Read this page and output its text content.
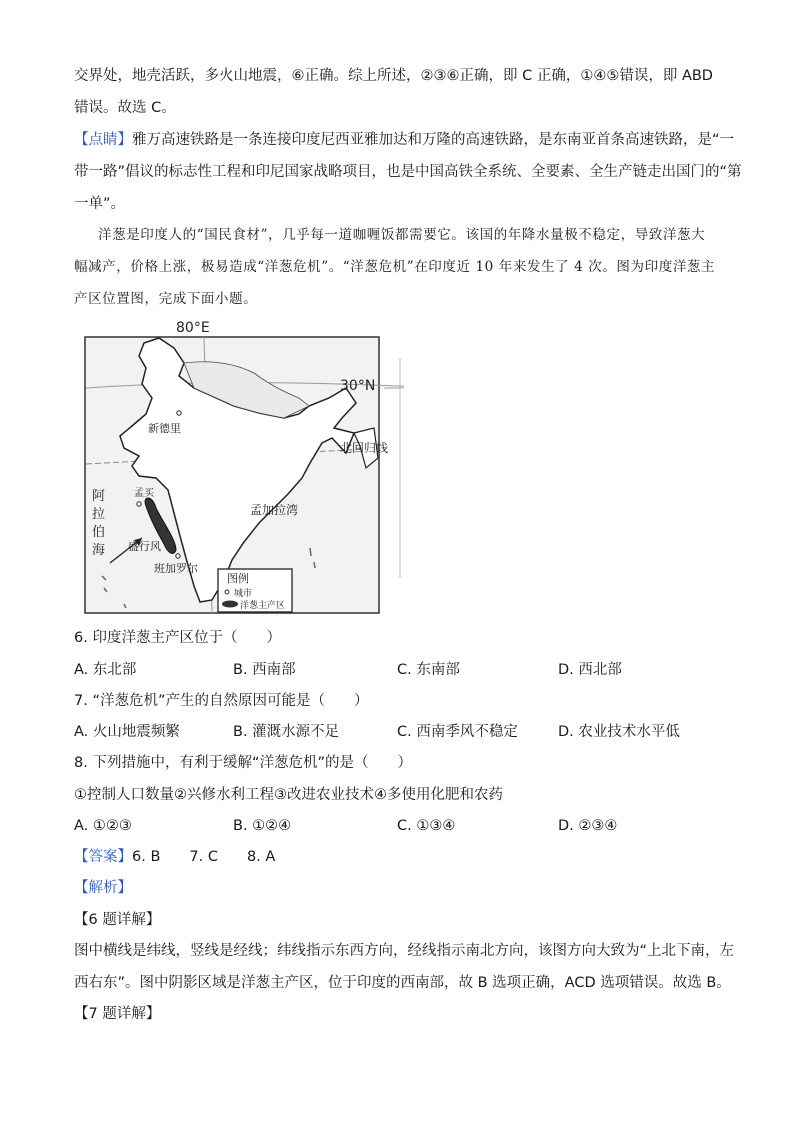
交界处，地壳活跃，多火山地震，⑥正确。综上所述，②③⑥正确，即 C 正确，①④⑤错误，即 ABD
错误。故选 C。
【点睛】雅万高速铁路是一条连接印度尼西亚雅加达和万隆的高速铁路，是东南亚首条高速铁路，是“一
带一路”倡议的标志性工程和印尼国家战略项目，也是中国高铁全系统、全要素、全生产链走出国门的“第
一单”。
洋葱是印度人的“国民食材”，几乎每一道咖喱饭都需要它。该国的年降水量极不稳定，导致洋葱大
幅减产，价格上涨，极易造成“洋葱危机”。“洋葱危机”在印度近 10 年来发生了 4 次。图为印度洋葱主
产区位置图，完成下面小题。
80°E
30°N
北回归线
新德里
孟买
班加罗尔
孟加拉湾
阿
拉
伯
海 盛行风
图例
城市
洋葱主产区
6. 印度洋葱主产区位于（　　）
A. 东北部	B. 西南部	C. 东南部	D. 西北部
7. “洋葱危机”产生的自然原因可能是（　　）
A. 火山地震频繁	B. 灌溉水源不足	C. 西南季风不稳定	D. 农业技术水平低
8. 下列措施中，有利于缓解“洋葱危机”的是（　　）
①控制人口数量②兴修水利工程③改进农业技术④多使用化肥和农药
A. ①②③	B. ①②④	C. ①③④	D. ②③④
【答案】6. B　　7. C　　8. A
【解析】
【6 题详解】
图中横线是纬线，竖线是经线；纬线指示东西方向，经线指示南北方向，该图方向大致为“上北下南，左
西右东”。图中阴影区域是洋葱主产区，位于印度的西南部，故 B 选项正确，ACD 选项错误。故选 B。
【7 题详解】
